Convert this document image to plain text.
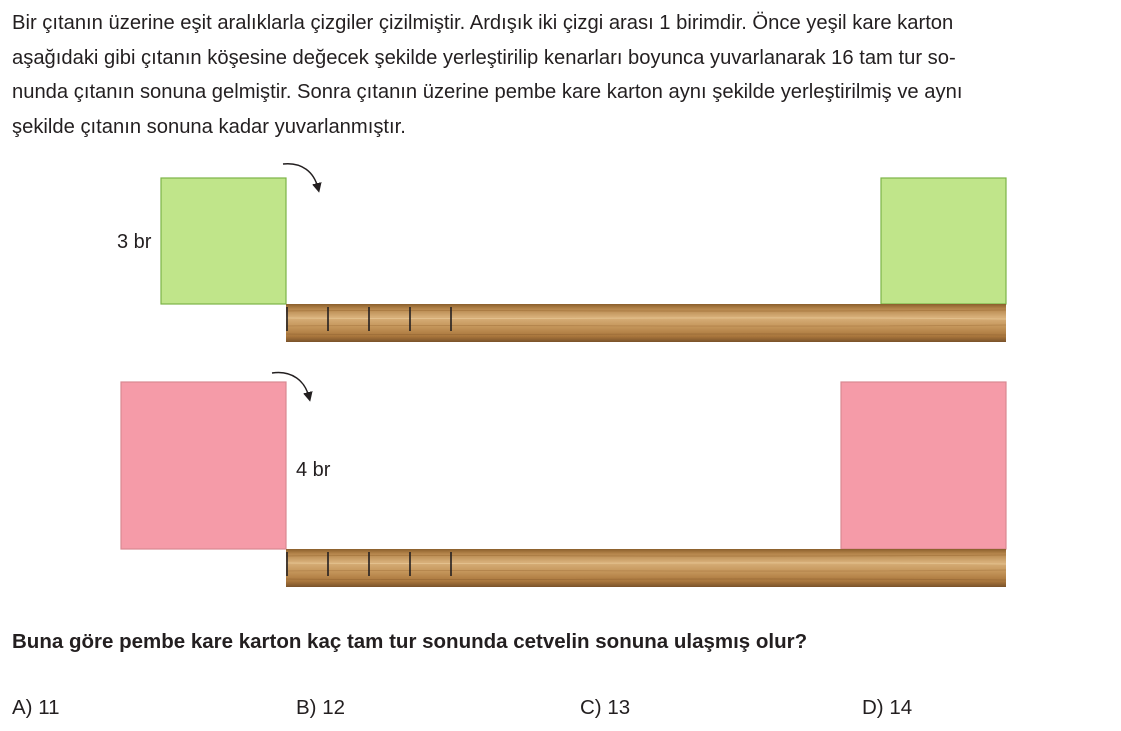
Bir çıtanın üzerine eşit aralıklarla çizgiler çizilmiştir. Ardışık iki çizgi arası 1 birimdir. Önce yeşil kare karton
aşağıdaki gibi çıtanın köşesine değecek şekilde yerleştirilip kenarları boyunca yuvarlanarak 16 tam tur so-
nunda çıtanın sonuna gelmiştir. Sonra çıtanın üzerine pembe kare karton aynı şekilde yerleştirilmiş ve aynı
şekilde çıtanın sonuna kadar yuvarlanmıştır.

3 br
4 br

Buna göre pembe kare karton kaç tam tur sonunda cetvelin sonuna ulaşmış olur?

A) 11	B) 12	C) 13	D) 14
